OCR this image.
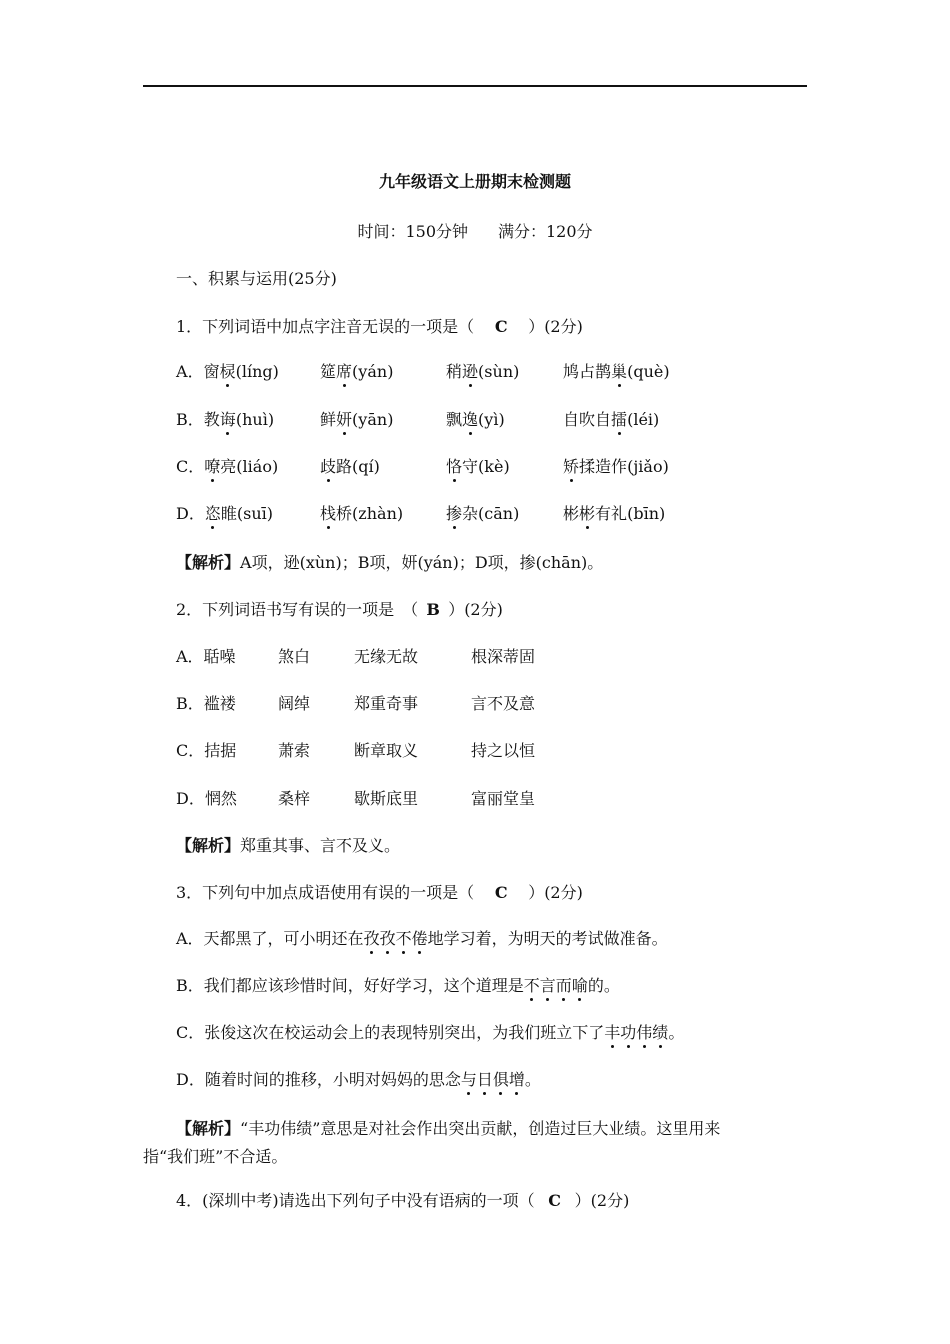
九年级语文上册期末检测题
时间：150分钟 满分：120分
一、积累与运用(25分)
1．下列词语中加点字注音无误的一项是（ C ）(2分)
A．窗棂(líng)	筵席(yán)	稍逊(sùn)	鸠占鹊巢(què)
B．教诲(huì)	鲜妍(yān)	飘逸(yì)	自吹自擂(léi)
C．嘹亮(liáo)	歧路(qí)	恪守(kè)	矫揉造作(jiǎo)
D．恣睢(suī)	栈桥(zhàn)	掺杂(cān)	彬彬有礼(bīn)
【解析】A项，逊(xùn)；B项，妍(yán)；D项，掺(chān)。
2．下列词语书写有误的一项是　（ B ）(2分)
A．聒噪	煞白	无缘无故	根深蒂固
B．褴褛	阔绰	郑重奇事	言不及意
C．拮据	萧索	断章取义	持之以恒
D．惘然	桑梓	歇斯底里	富丽堂皇
【解析】郑重其事、言不及义。
3．下列句中加点成语使用有误的一项是（ C ）(2分)
A．天都黑了，可小明还在孜孜不倦地学习着，为明天的考试做准备。
B．我们都应该珍惜时间，好好学习，这个道理是不言而喻的。
C．张俊这次在校运动会上的表现特别突出，为我们班立下了丰功伟绩。
D．随着时间的推移，小明对妈妈的思念与日俱增。
【解析】“丰功伟绩”意思是对社会作出突出贡献，创造过巨大业绩。这里用来
指“我们班”不合适。
4．(深圳中考)请选出下列句子中没有语病的一项（ C ）(2分)
